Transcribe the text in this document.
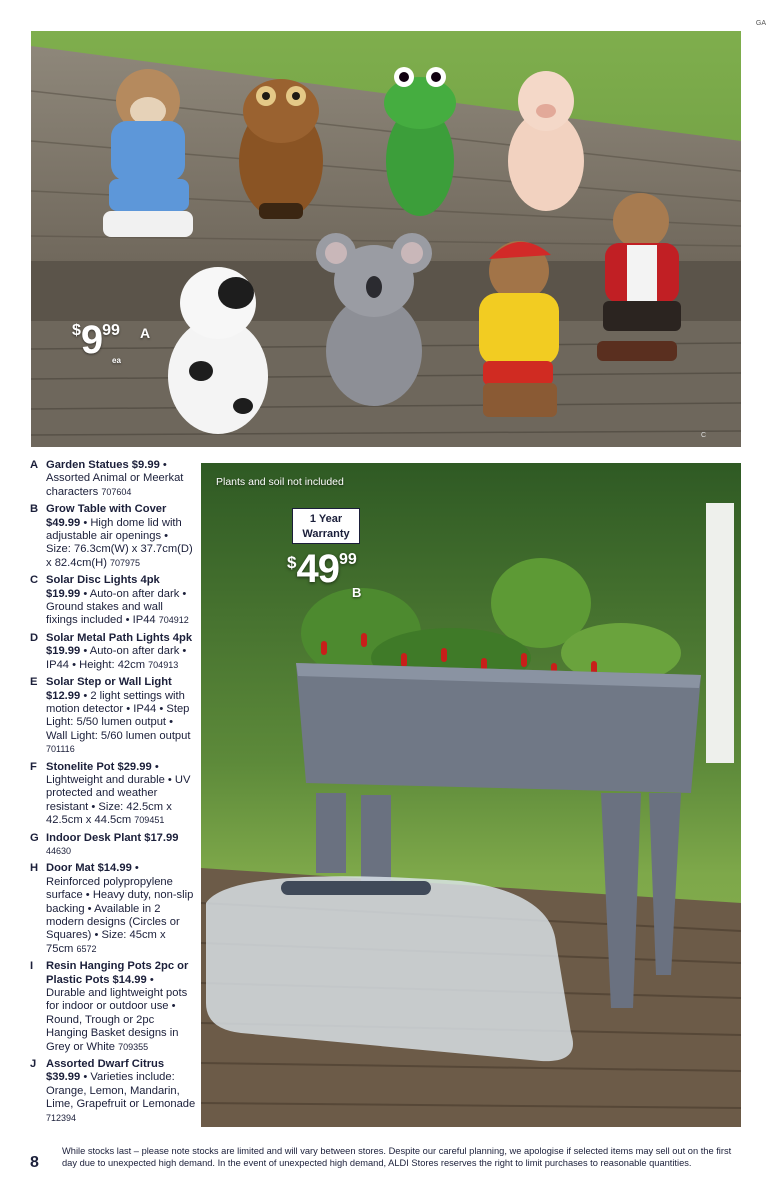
GA
$999
ea
A
C
Plants and soil not included
1 Year
Warranty
$4999
B
A Garden Statues $9.99 • Assorted Animal or Meerkat characters 707604
B Grow Table with Cover $49.99 • High dome lid with adjustable air openings • Size: 76.3cm(W) x 37.7cm(D) x 82.4cm(H) 707975
C Solar Disc Lights 4pk $19.99 • Auto-on after dark • Ground stakes and wall fixings included • IP44 704912
D Solar Metal Path Lights 4pk $19.99 • Auto-on after dark • IP44 • Height: 42cm 704913
E Solar Step or Wall Light $12.99 • 2 light settings with motion detector • IP44 • Step Light: 5/50 lumen output • Wall Light: 5/60 lumen output 701116
F Stonelite Pot $29.99 • Lightweight and durable • UV protected and weather resistant • Size: 42.5cm x 42.5cm x 44.5cm 709451
G Indoor Desk Plant $17.99 44630
H Door Mat $14.99 • Reinforced polypropylene surface • Heavy duty, non-slip backing • Available in 2 modern designs (Circles or Squares) • Size: 45cm x 75cm 6572
I Resin Hanging Pots 2pc or Plastic Pots $14.99 • Durable and lightweight pots for indoor or outdoor use • Round, Trough or 2pc Hanging Basket designs in Grey or White 709355
J Assorted Dwarf Citrus $39.99 • Varieties include: Orange, Lemon, Mandarin, Lime, Grapefruit or Lemonade 712394
8
While stocks last – please note stocks are limited and will vary between stores. Despite our careful planning, we apologise if selected items may sell out on the first day due to unexpected high demand. In the event of unexpected high demand, ALDI Stores reserves the right to limit purchases to reasonable quantities.
